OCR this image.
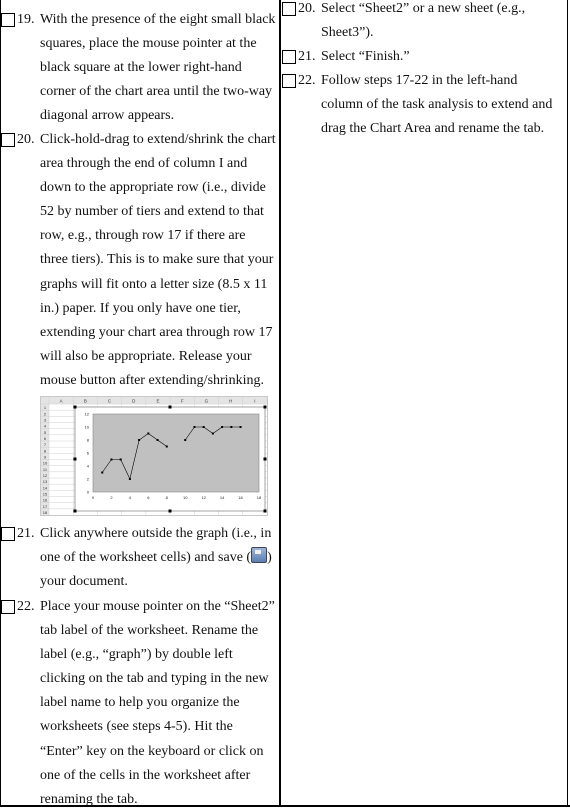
19. With the presence of the eight small black squares, place the mouse pointer at the black square at the lower right-hand corner of the chart area until the two-way diagonal arrow appears.
20. Click-hold-drag to extend/shrink the chart area through the end of column I and down to the appropriate row (i.e., divide 52 by number of tiers and extend to that row, e.g., through row 17 if there are three tiers). This is to make sure that your graphs will fit onto a letter size (8.5 x 11 in.) paper. If you only have one tier, extending your chart area through row 17 will also be appropriate. Release your mouse button after extending/shrinking.
A	B	C	D	E	F	G	H	I
1
2
3
4
5
6
7
8
9
10
11
12
13
14
15
16
17
18
0
2
4
6
8
10
12
0	2	4	6	8	10	12	14	16	18
21. Click anywhere outside the graph (i.e., in one of the worksheet cells) and save ( ) your document.
22. Place your mouse pointer on the “Sheet2” tab label of the worksheet. Rename the label (e.g., “graph”) by double left clicking on the tab and typing in the new label name to help you organize the worksheets (see steps 4-5). Hit the “Enter” key on the keyboard or click on one of the cells in the worksheet after renaming the tab.
20. Select “Sheet2” or a new sheet (e.g., Sheet3”).
21. Select “Finish.”
22. Follow steps 17-22 in the left-hand column of the task analysis to extend and drag the Chart Area and rename the tab.
